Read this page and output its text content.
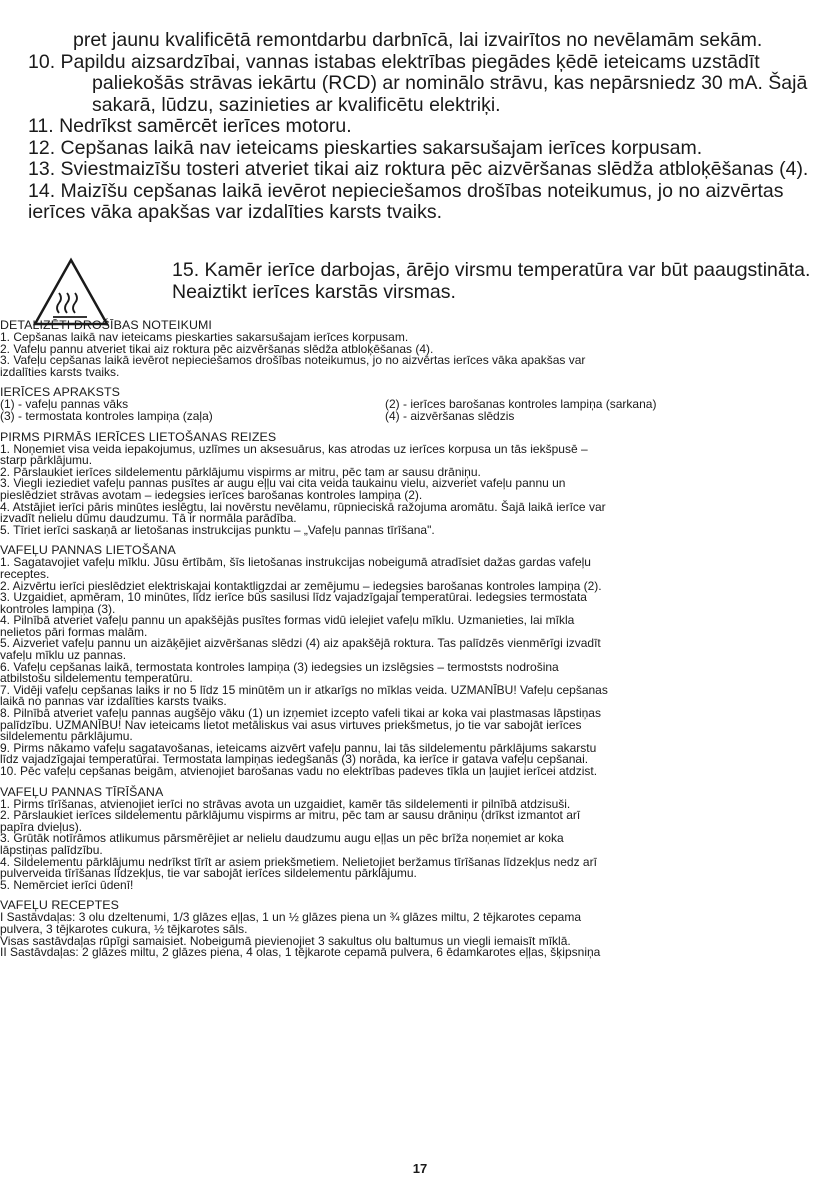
pret jaunu kvalificētā remontdarbu darbnīcā, lai izvairītos no nevēlamām sekām.
10. Papildu aizsardzībai, vannas istabas elektrības piegādes ķēdē ieteicams uzstādīt
paliekošās strāvas iekārtu (RCD) ar nominālo strāvu, kas nepārsniedz 30 mA. Šajā
sakarā, lūdzu, sazinieties ar kvalificētu elektriķi.
11. Nedrīkst samērcēt ierīces motoru.
12. Cepšanas laikā nav ieteicams pieskarties sakarsušajam ierīces korpusam.
13. Sviestmaizīšu tosteri atveriet tikai aiz roktura pēc aizvēršanas slēdža atbloķēšanas (4).
14. Maizīšu cepšanas laikā ievērot nepieciešamos drošības noteikumus, jo no aizvērtas
ierīces vāka apakšas var izdalīties karsts tvaiks.
15. Kamēr ierīce darbojas, ārējo virsmu temperatūra var būt paaugstināta.
Neaiztikt ierīces karstās virsmas.
DETALIZĒTI DROŠĪBAS NOTEIKUMI
1. Cepšanas laikā nav ieteicams pieskarties sakarsušajam ierīces korpusam.
2. Vafeļu pannu atveriet tikai aiz roktura pēc aizvēršanas slēdža atbloķēšanas (4).
3. Vafeļu cepšanas laikā ievērot nepieciešamos drošības noteikumus, jo no aizvērtas ierīces vāka apakšas var
izdalīties karsts tvaiks.
IERĪCES APRAKSTS
(1) - vafeļu pannas vāks
(3) - termostata kontroles lampiņa (zaļa)
(2) - ierīces barošanas kontroles lampiņa (sarkana)
(4) - aizvēršanas slēdzis
PIRMS PIRMĀS IERĪCES LIETOŠANAS REIZES
1. Noņemiet visa veida iepakojumus, uzlīmes un aksesuārus, kas atrodas uz ierīces korpusa un tās iekšpusē –
starp pārklājumu.
2. Pārslaukiet ierīces sildelementu pārklājumu vispirms ar mitru, pēc tam ar sausu drāniņu.
3. Viegli ieziediet vafeļu pannas pusītes ar augu eļļu vai cita veida taukainu vielu, aizveriet vafeļu pannu un
pieslēdziet strāvas avotam – iedegsies ierīces barošanas kontroles lampiņa (2).
4. Atstājiet ierīci pāris minūtes ieslēgtu, lai novērstu nevēlamu, rūpnieciskā ražojuma aromātu. Šajā laikā ierīce var
izvadīt nelielu dūmu daudzumu. Tā ir normāla parādība.
5. Tīriet ierīci saskaņā ar lietošanas instrukcijas punktu – „Vafeļu pannas tīrīšana".
VAFEĻU PANNAS LIETOŠANA
1. Sagatavojiet vafeļu mīklu. Jūsu ērtībām, šīs lietošanas instrukcijas nobeigumā atradīsiet dažas gardas vafeļu
receptes.
2. Aizvērtu ierīci pieslēdziet elektriskajai kontaktligzdai ar zemējumu – iedegsies barošanas kontroles lampiņa (2).
3. Uzgaidiet, apmēram, 10 minūtes, līdz ierīce būs sasilusi līdz vajadzīgajai temperatūrai. Iedegsies termostata
kontroles lampiņa (3).
4. Pilnībā atveriet vafeļu pannu un apakšējās pusītes formas vidū ielejiet vafeļu mīklu. Uzmanieties, lai mīkla
nelietos pāri formas malām.
5. Aizveriet vafeļu pannu un aizāķējiet aizvēršanas slēdzi (4) aiz apakšējā roktura. Tas palīdzēs vienmērīgi izvadīt
vafeļu mīklu uz pannas.
6. Vafeļu cepšanas laikā, termostata kontroles lampiņa (3) iedegsies un izslēgsies – termoststs nodrošina
atbilstošu sildelementu temperatūru.
7. Vidēji vafeļu cepšanas laiks ir no 5 līdz 15 minūtēm un ir atkarīgs no mīklas veida. UZMANĪBU! Vafeļu cepšanas
laikā no pannas var izdalīties karsts tvaiks.
8. Pilnībā atveriet vafeļu pannas augšējo vāku (1) un izņemiet izcepto vafeli tikai ar koka vai plastmasas lāpstiņas
palīdzību. UZMANĪBU! Nav ieteicams lietot metāliskus vai asus virtuves priekšmetus, jo tie var sabojāt ierīces
sildelementu pārklājumu.
9. Pirms nākamo vafeļu sagatavošanas, ieteicams aizvērt vafeļu pannu, lai tās sildelementu pārklājums sakarstu
līdz vajadzīgajai temperatūrai. Termostata lampiņas iedegšanās (3) norāda, ka ierīce ir gatava vafeļu cepšanai.
10. Pēc vafeļu cepšanas beigām, atvienojiet barošanas vadu no elektrības padeves tīkla un ļaujiet ierīcei atdzist.
VAFEĻU PANNAS TĪRĪŠANA
1. Pirms tīrīšanas, atvienojiet ierīci no strāvas avota un uzgaidiet, kamēr tās sildelementi ir pilnībā atdzisuši.
2. Pārslaukiet ierīces sildelementu pārklājumu vispirms ar mitru, pēc tam ar sausu drāniņu (drīkst izmantot arī
papīra dvieļus).
3. Grūtāk notīrāmos atlikumus pārsmērējiet ar nelielu daudzumu augu eļļas un pēc brīža noņemiet ar koka
lāpstiņas palīdzību.
4. Sildelementu pārklājumu nedrīkst tīrīt ar asiem priekšmetiem. Nelietojiet beržamus tīrīšanas līdzekļus nedz arī
pulverveida tīrīšanas līdzekļus, tie var sabojāt ierīces sildelementu pārklājumu.
5. Nemērciet ierīci ūdenī!
VAFEĻU RECEPTES
I Sastāvdaļas: 3 olu dzeltenumi, 1/3 glāzes eļļas, 1 un ½ glāzes piena un ¾ glāzes miltu, 2 tējkarotes cepama
pulvera, 3 tējkarotes cukura, ½ tējkarotes sāls.
Visas sastāvdaļas rūpīgi samaisiet. Nobeigumā pievienojiet 3 sakultus olu baltumus un viegli iemaisīt mīklā.
II Sastāvdaļas: 2 glāzes miltu, 2 glāzes piena, 4 olas, 1 tējkarote cepamā pulvera, 6 ēdamkarotes eļļas, šķipsniņa
17
